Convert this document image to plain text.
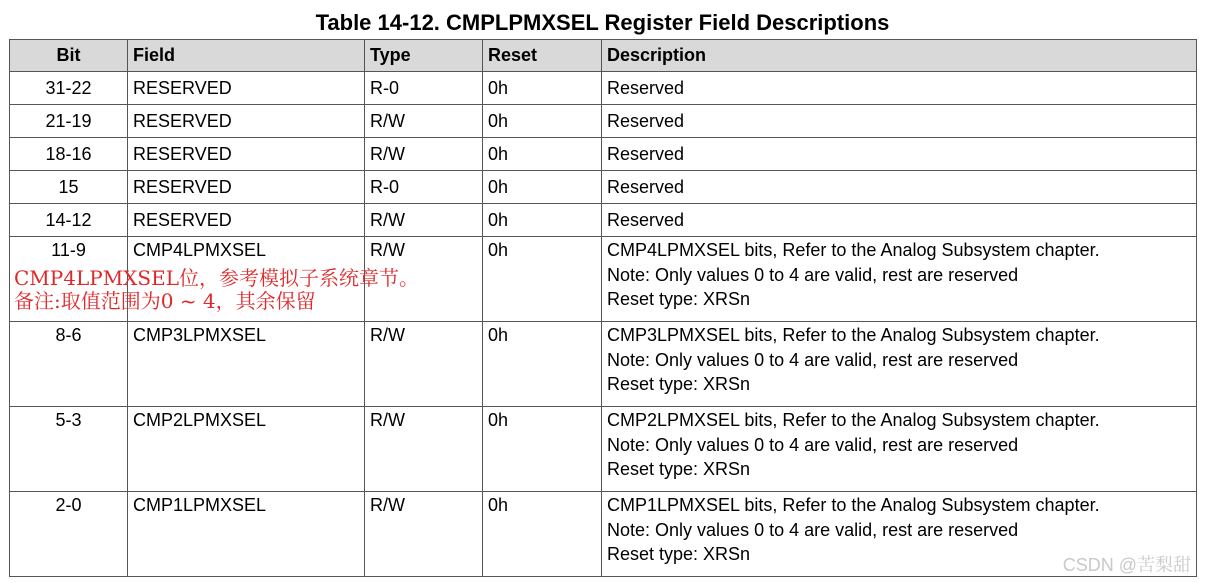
Table 14-12. CMPLPMXSEL Register Field Descriptions
Bit	Field	Type	Reset	Description
31-22	RESERVED	R-0	0h	Reserved

21-19	RESERVED	R/W	0h	Reserved

18-16	RESERVED	R/W	0h	Reserved

15	RESERVED	R-0	0h	Reserved

14-12	RESERVED	R/W	0h	Reserved

11-9	CMP4LPMXSEL	R/W	0h	CMP4LPMXSEL bits, Refer to the Analog Subsystem chapter.
Note: Only values 0 to 4 are valid, rest are reserved
Reset type: XRSn

8-6	CMP3LPMXSEL	R/W	0h	CMP3LPMXSEL bits, Refer to the Analog Subsystem chapter.
Note: Only values 0 to 4 are valid, rest are reserved
Reset type: XRSn

5-3	CMP2LPMXSEL	R/W	0h	CMP2LPMXSEL bits, Refer to the Analog Subsystem chapter.
Note: Only values 0 to 4 are valid, rest are reserved
Reset type: XRSn

2-0	CMP1LPMXSEL	R/W	0h	CMP1LPMXSEL bits, Refer to the Analog Subsystem chapter.
Note: Only values 0 to 4 are valid, rest are reserved
Reset type: XRSn
CMP4LPMXSEL位，参考模拟子系统章节。
备注:取值范围为0 ~ 4，其余保留
CSDN @苦梨甜
